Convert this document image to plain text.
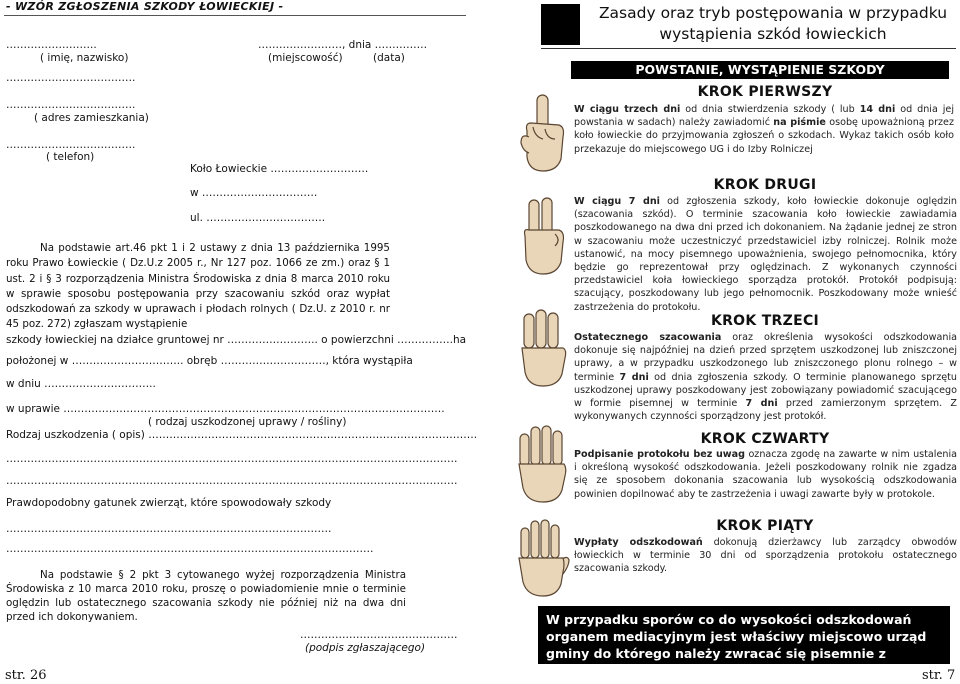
- WZÓR ZGŁOSZENIA SZKODY ŁOWIECKIEJ -
……………………..
( imię, nazwisko)
……………………, dnia ……………
(miejscowość)	(data)
……………………………….
……………………………….
( adres zamieszkania)
……………………………….
( telefon)
Koło Łowieckie ……………………….
w ……………………………
ul. …………………………….
Na podstawie art.46 pkt 1 i 2 ustawy z dnia 13 października 1995 roku Prawo Łowieckie ( Dz.U.z 2005 r., Nr 127 poz. 1066 ze zm.) oraz § 1 ust. 2 i § 3 rozporządzenia Ministra Środowiska z dnia 8 marca 2010 roku w sprawie sposobu postępowania przy szacowaniu szkód oraz wypłat odszkodowań za szkody w uprawach i płodach rolnych ( Dz.U. z 2010 r. nr 45 poz. 272) zgłaszam wystąpienie
szkody łowieckiej na działce gruntowej nr …………………….. o powierzchni …………….ha
położonej w ………………………….. obręb …………………………, która wystąpiła
w dniu …………………………..
w uprawie ……………………………………………………………………………………………….
( rodzaj uszkodzonej uprawy / rośliny)
Rodzaj uszkodzenia ( opis) ………………………………………………………………………………….
…………………………………………………………………………………………………………………
…………………………………………………………………………………………………………………
Prawdopodobny gatunek zwierząt, które spowodowały szkody
…………………………………………………………………………………
……………………………………………………………………………………………
Na podstawie § 2 pkt 3 cytowanego wyżej rozporządzenia Ministra Środowiska z 10 marca 2010 roku, proszę o powiadomienie mnie o terminie oględzin lub ostatecznego szacowania szkody nie później niż na dwa dni przed ich dokonywaniem.
………………………………………
(podpis zgłaszającego)
str. 26
Zasady oraz tryb postępowania w przypadku wystąpienia szkód łowieckich
POWSTANIE, WYSTĄPIENIE SZKODY
KROK PIERWSZY
W ciągu trzech dni od dnia stwierdzenia szkody ( lub 14 dni od dnia jej powstania w sadach) należy zawiadomić na piśmie osobę upoważnioną przez koło łowieckie do przyjmowania zgłoszeń o szkodach. Wykaz takich osób koło przekazuje do miejscowego UG i do Izby Rolniczej
KROK DRUGI
W ciągu 7 dni od zgłoszenia szkody, koło łowieckie dokonuje oględzin (szacowania szkód). O terminie szacowania koło łowieckie zawiadamia poszkodowanego na dwa dni przed ich dokonaniem. Na żądanie jednej ze stron w szacowaniu może uczestniczyć przedstawiciel izby rolniczej. Rolnik może ustanowić, na mocy pisemnego upoważnienia, swojego pełnomocnika, który będzie go reprezentował przy oględzinach. Z wykonanych czynności przedstawiciel koła łowieckiego sporządza protokół. Protokół podpisują: szacujący, poszkodowany lub jego pełnomocnik. Poszkodowany może wnieść zastrzeżenia do protokołu.
KROK TRZECI
Ostatecznego szacowania oraz określenia wysokości odszkodowania dokonuje się najpóźniej na dzień przed sprzętem uszkodzonej lub zniszczonej uprawy, a w przypadku uszkodzonego lub zniszczonego plonu rolnego – w terminie 7 dni od dnia zgłoszenia szkody. O terminie planowanego sprzętu uszkodzonej uprawy poszkodowany jest zobowiązany powiadomić szacującego w formie pisemnej w terminie 7 dni przed zamierzonym sprzętem. Z wykonywanych czynności sporządzony jest protokół.
KROK CZWARTY
Podpisanie protokołu bez uwag oznacza zgodę na zawarte w nim ustalenia i określoną wysokość odszkodowania. Jeżeli poszkodowany rolnik nie zgadza się ze sposobem dokonania szacowania lub wysokością odszkodowania powinien dopilnować aby te zastrzeżenia i uwagi zawarte były w protokole.
KROK PIĄTY
Wypłaty odszkodowań dokonują dzierżawcy lub zarządcy obwodów łowieckich w terminie 30 dni od sporządzenia protokołu ostatecznego szacowania szkody.
W przypadku sporów co do wysokości odszkodowań organem mediacyjnym jest właściwy miejscowo urząd gminy do którego należy zwracać się pisemnie z wnioskiem o mediację.	str. 7
